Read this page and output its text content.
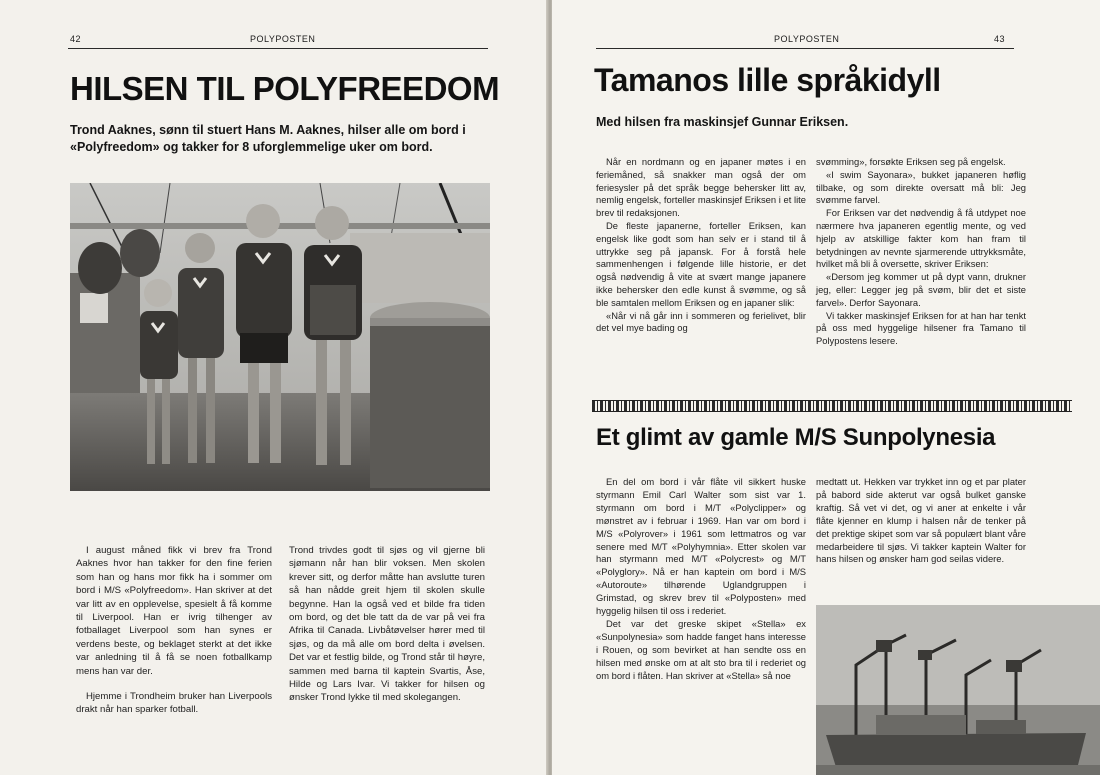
42	POLYPOSTEN
HILSEN TIL POLYFREEDOM

Trond Aaknes, sønn til stuert Hans M. Aaknes, hilser alle om bord i «Polyfreedom» og takker for 8 uforglemmelige uker om bord.

I august måned fikk vi brev fra Trond Aaknes hvor han takker for den fine ferien som han og hans mor fikk ha i sommer om bord i M/S «Polyfreedom». Han skriver at det var litt av en opplevelse, spesielt å få komme til Liverpool. Han er ivrig tilhenger av fotballaget Liverpool som han synes er verdens beste, og beklaget sterkt at det ikke var anledning til å få se noen fotballkamp mens han var der.

Hjemme i Trondheim bruker han Liverpools drakt når han sparker fotball.

Trond trivdes godt til sjøs og vil gjerne bli sjømann når han blir voksen. Men skolen krever sitt, og derfor måtte han avslutte turen så han nådde greit hjem til skolen skulle begynne. Han la også ved et bilde fra tiden om bord, og det ble tatt da de var på vei fra Afrika til Canada. Livbåtøvelser hører med til sjøs, og da må alle om bord delta i øvelsen. Det var et festlig bilde, og Trond står til høyre, sammen med barna til kaptein Svartis, Åse, Hilde og Lars Ivar. Vi takker for hilsen og ønsker Trond lykke til med skolegangen.

POLYPOSTEN	43
Tamanos lille språkidyll

Med hilsen fra maskinsjef Gunnar Eriksen.

Når en nordmann og en japaner møtes i en feriemåned, så snakker man også der om feriesysler på det språk begge behersker litt av, nemlig engelsk, forteller maskinsjef Eriksen i et lite brev til redaksjonen.

De fleste japanerne, forteller Eriksen, kan engelsk like godt som han selv er i stand til å uttrykke seg på japansk. For å forstå hele sammenhengen i følgende lille historie, er det også nødvendig å vite at svært mange japanere ikke behersker den edle kunst å svømme, og så ble samtalen mellom Eriksen og en japaner slik:

«Når vi nå går inn i sommeren og ferielivet, blir det vel mye bading og

svømming», forsøkte Eriksen seg på engelsk.

«I swim Sayonara», bukket japaneren høflig tilbake, og som direkte oversatt må bli: Jeg svømme farvel.

For Eriksen var det nødvendig å få utdypet noe nærmere hva japaneren egentlig mente, og ved hjelp av atskillige fakter kom han fram til betydningen av nevnte sjarmerende uttrykksmåte, hvilket må bli å oversette, skriver Eriksen:

«Dersom jeg kommer ut på dypt vann, drukner jeg, eller: Legger jeg på svøm, blir det et siste farvel». Derfor Sayonara.

Vi takker maskinsjef Eriksen for at han har tenkt på oss med hyggelige hilsener fra Tamano til Polypostens lesere.

Et glimt av gamle M/S Sunpolynesia

En del om bord i vår flåte vil sikkert huske styrmann Emil Carl Walter som sist var 1. styrmann om bord i M/T «Polyclipper» og mønstret av i februar i 1969. Han var om bord i M/S «Polyrover» i 1961 som lettmatros og var senere med M/T «Polyhymnia». Etter skolen var han styrmann med M/T «Polycrest» og M/T «Polyglory». Nå er han kaptein om bord i M/S «Autoroute» tilhørende Uglandgruppen i Grimstad, og skrev brev til «Polyposten» med hyggelig hilsen til oss i rederiet.

Det var det greske skipet «Stella» ex «Sunpolynesia» som hadde fanget hans interesse i Rouen, og som bevirket at han sendte oss en hilsen med ønske om at alt sto bra til i rederiet og om bord i flåten. Han skriver at «Stella» så noe

medtatt ut. Hekken var trykket inn og et par plater på babord side akterut var også bulket ganske kraftig. Så vet vi det, og vi aner at enkelte i vår flåte kjenner en klump i halsen når de tenker på det prektige skipet som var så populært blant våre medarbeidere til sjøs. Vi takker kaptein Walter for hans hilsen og ønsker ham god seilas videre.
